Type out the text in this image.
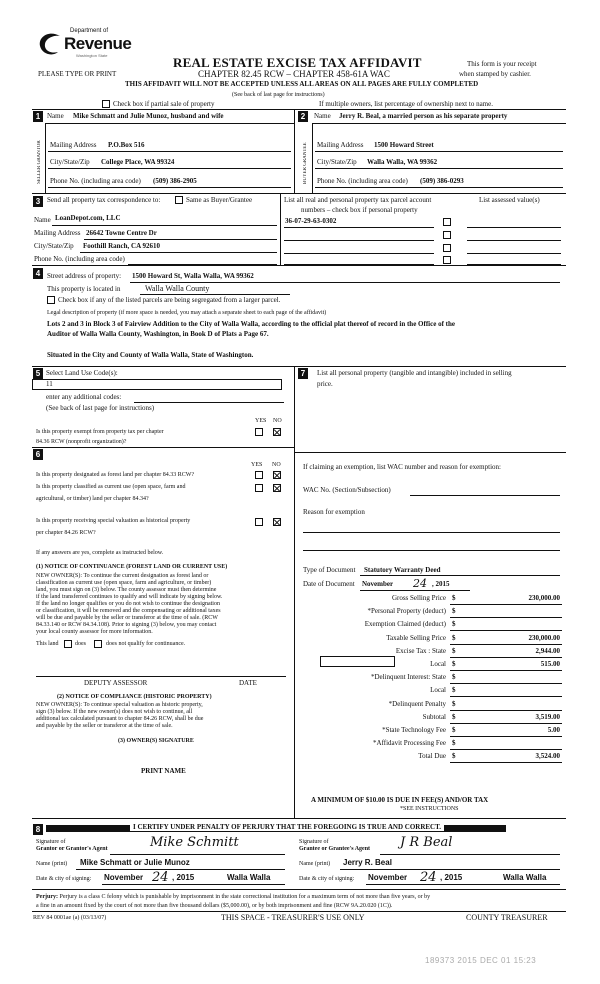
Department of
Revenue
Washington State
PLEASE TYPE OR PRINT
REAL ESTATE EXCISE TAX AFFIDAVIT
CHAPTER 82.45 RCW – CHAPTER 458-61A WAC
THIS AFFIDAVIT WILL NOT BE ACCEPTED UNLESS ALL AREAS ON ALL PAGES ARE FULLY COMPLETED
(See back of last page for instructions)
This form is your receipt
when stamped by cashier.
Check box if partial sale of property	If multiple owners, list percentage of ownership next to name.
1
SELLER GRANTOR
Name Mike Schmatt and Julie Munoz, husband and wife
Mailing Address P.O.Box 516
City/State/Zip College Place, WA 99324
Phone No. (including area code) (509) 386-2905
2
BUYER GRANTEE
Name Jerry R. Beal, a married person as his separate property
Mailing Address 1500 Howard Street
City/State/Zip Walla Walla, WA 99362
Phone No. (including area code) (509) 386-0293
3 Send all property tax correspondence to:	Same as Buyer/Grantee
Name LoanDepot.com, LLC
Mailing Address 26642 Towne Centre Dr
City/State/Zip Foothill Ranch, CA 92610
Phone No. (including area code)
List all real and personal property tax parcel account
numbers – check box if personal property
List assessed value(s)
36-07-29-63-0302
4 Street address of property: 1500 Howard St, Walla Walla, WA 99362
This property is located in	Walla Walla County
Check box if any of the listed parcels are being segregated from a larger parcel.
Legal description of property (if more space is needed, you may attach a separate sheet to each page of the affidavit)
Lots 2 and 3 in Block 3 of Fairview Addition to the City of Walla Walla, according to the official plat thereof of record in the Office of the
Auditor of Walla Walla County, Washington, in Book D of Plats a Page 67.
Situated in the City and County of Walla Walla, State of Washington.
5 Select Land Use Code(s):
11
enter any additional codes:
(See back of last page for instructions)
YES NO
Is this property exempt from property tax per chapter
84.36 RCW (nonprofit organization)?
6
YES NO
Is this property designated as forest land per chapter 84.33 RCW?
Is this property classified as current use (open space, farm and
agricultural, or timber) land per chapter 84.34?
Is this property receiving special valuation as historical property
per chapter 84.26 RCW?
If any answers are yes, complete as instructed below.
(1) NOTICE OF CONTINUANCE (FOREST LAND OR CURRENT USE)
NEW OWNER(S): To continue the current designation as forest land or
classification as current use (open space, farm and agriculture, or timber)
land, you must sign on (3) below. The county assessor must then determine
if the land transferred continues to qualify and will indicate by signing below.
If the land no longer qualifies or you do not wish to continue the designation
or classification, it will be removed and the compensating or additional taxes
will be due and payable by the seller or transferor at the time of sale. (RCW
84.33.140 or RCW 84.34.108). Prior to signing (3) below, you may contact
your local county assessor for more information.
This land	does	does not qualify for continuance.
DEPUTY ASSESSOR	DATE
(2) NOTICE OF COMPLIANCE (HISTORIC PROPERTY)
NEW OWNER(S): To continue special valuation as historic property,
sign (3) below. If the new owner(s) does not wish to continue, all
additional tax calculated pursuant to chapter 84.26 RCW, shall be due
and payable by the seller or transferor at the time of sale.
(3) OWNER(S) SIGNATURE
PRINT NAME
7	List all personal property (tangible and intangible) included in selling
price.
If claiming an exemption, list WAC number and reason for exemption:
WAC No. (Section/Subsection)
Reason for exemption
Type of Document Statutory Warranty Deed
Date of Document November 24 , 2015
Gross Selling Price $	230,000.00
*Personal Property (deduct) $
Exemption Claimed (deduct) $
Taxable Selling Price $	230,000.00
Excise Tax : State $	2,944.00
Local $	515.00
*Delinquent Interest: State $
Local $
*Delinquent Penalty $
Subtotal $	3,519.00
*State Technology Fee $	5.00
*Affidavit Processing Fee $
Total Due $	3,524.00
A MINIMUM OF $10.00 IS DUE IN FEE(S) AND/OR TAX
*SEE INSTRUCTIONS
8	I CERTIFY UNDER PENALTY OF PERJURY THAT THE FOREGOING IS TRUE AND CORRECT.
Signature of
Grantor or Grantor's Agent	Mike Schmitt
Name (print) Mike Schmatt or Julie Munoz
Date & city of signing: November 24 , 2015	Walla Walla
Signature of
Grantee or Grantee's Agent J R Beal
Name (print) Jerry R. Beal
Date & city of signing: November 24 , 2015	Walla Walla
Perjury: Perjury is a class C felony which is punishable by imprisonment in the state correctional institution for a maximum term of not more than five years, or by
a fine in an amount fixed by the court of not more than five thousand dollars ($5,000.00), or by both imprisonment and fine (RCW 9A.20.020 (1C)).
REV 84 0001ae (a) (03/13/07)	THIS SPACE - TREASURER'S USE ONLY	COUNTY TREASURER
189373 2015 DEC 01 15:23
